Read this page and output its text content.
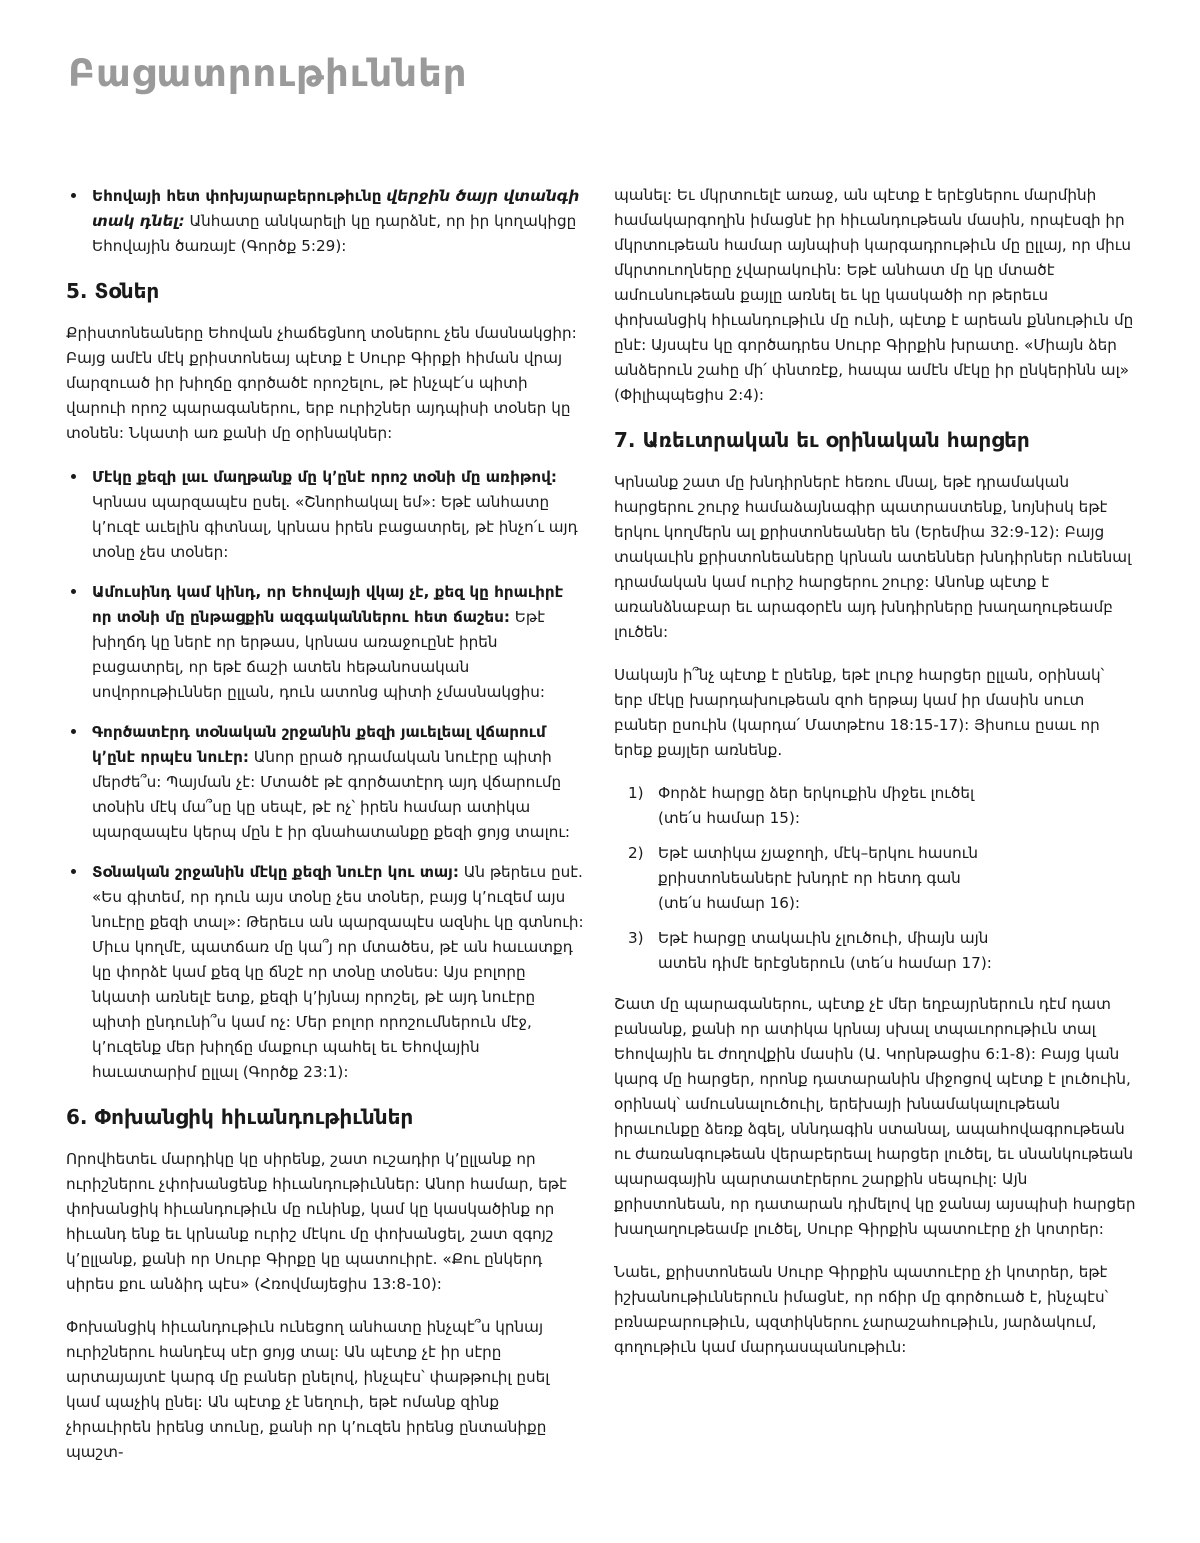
Բացատրութիւններ
• Եհովայի հետ փոխյարաբերութիւնը վերջին ծայր վտանգի տակ դնել: Անհատը անկարելի կը դարձնէ, որ իր կողակիցը Եհովային ծառայէ (Գործք 5:29):
5. Տօներ

Քրիստոնեաները Եհովան չհաճեցնող տօներու չեն մասնակցիր: Բայց ամէն մէկ քրիստոնեայ պէտք է Սուրբ Գիրքի հիման վրայ մարզուած իր խիղճը գործածէ որոշելու, թէ ինչպէ՛ս պիտի վարուի որոշ պարագաներու, երբ ուրիշներ այդպիսի տօներ կը տօնեն: Նկատի առ քանի մը օրինակներ:

• Մէկը քեզի լաւ մաղթանք մը կ՚ընէ որոշ տօնի մը առիթով: Կրնաս պարզապէս ըսել. «Շնորհակալ եմ»: Եթէ անհատը կ՚ուզէ աւելին գիտնալ, կրնաս իրեն բացատրել, թէ ինչո՛ւ այդ տօնը չես տօներ:
• Ամուսինդ կամ կինդ, որ Եհովայի վկայ չէ, քեզ կը հրաւիրէ որ տօնի մը ընթացքին ազգականներու հետ ճաշես: Եթէ խիղճդ կը ներէ որ երթաս, կրնաս առաջուընէ իրեն բացատրել, որ եթէ ճաշի ատեն հեթանոսական սովորութիւններ ըլլան, դուն ատոնց պիտի չմասնակցիս:
• Գործատէրդ տօնական շրջանին քեզի յաւելեալ վճարում կ՚ընէ որպէս նուէր: Անոր ըրած դրամական նուէրը պիտի մերժե՞ս: Պայման չէ: Մտածէ թէ գործատէրդ այդ վճարումը տօնին մէկ մա՞սը կը սեպէ, թէ ոչ՝ իրեն համար ատիկա պարզապէս կերպ մըն է իր գնահատանքը քեզի ցոյց տալու:
• Տօնական շրջանին մէկը քեզի նուէր կու տայ: Ան թերեւս ըսէ. «Ես գիտեմ, որ դուն այս տօնը չես տօներ, բայց կ՚ուզեմ այս նուէրը քեզի տալ»: Թերեւս ան պարզապէս ազնիւ կը գտնուի: Միւս կողմէ, պատճառ մը կա՞յ որ մտածես, թէ ան հաւատքդ կը փորձէ կամ քեզ կը ճնշէ որ տօնը տօնես: Այս բոլորը նկատի առնելէ ետք, քեզի կ՚իյնայ որոշել, թէ այդ նուէրը պիտի ընդունի՞ս կամ ոչ: Մեր բոլոր որոշումներուն մէջ, կ՚ուզենք մեր խիղճը մաքուր պահել եւ Եհովային հաւատարիմ ըլլալ (Գործք 23:1):
6. Փոխանցիկ հիւանդութիւններ

Որովհետեւ մարդիկը կը սիրենք, շատ ուշադիր կ՚ըլլանք որ ուրիշներու չփոխանցենք հիւանդութիւններ: Անոր համար, եթէ փոխանցիկ հիւանդութիւն մը ունինք, կամ կը կասկածինք որ հիւանդ ենք եւ կրնանք ուրիշ մէկու մը փոխանցել, շատ զգոյշ կ՚ըլլանք, քանի որ Սուրբ Գիրքը կը պատուիրէ. «Քու ընկերդ սիրես քու անձիդ պէս» (Հռովմայեցիս 13:8-10):

Փոխանցիկ հիւանդութիւն ունեցող անհատը ինչպէ՞ս կրնայ ուրիշներու հանդէպ սէր ցոյց տալ: Ան պէտք չէ իր սէրը արտայայտէ կարգ մը բաներ ընելով, ինչպէս՝ փաթթուիլ ըսել կամ պաչիկ ընել: Ան պէտք չէ նեղուի, եթէ ոմանք զինք չհրաւիրեն իրենց տունը, քանի որ կ՚ուզեն իրենց ընտանիքը պաշտ-

պանել: Եւ մկրտուելէ առաջ, ան պէտք է երէցներու մարմինի համակարգողին իմացնէ իր հիւանդութեան մասին, որպէսզի իր մկրտութեան համար այնպիսի կարգադրութիւն մը ըլլայ, որ միւս մկրտուողները չվարակուին: Եթէ անհատ մը կը մտածէ ամուսնութեան քայլը առնել եւ կը կասկածի որ թերեւս փոխանցիկ հիւանդութիւն մը ունի, պէտք է արեան քննութիւն մը ընէ: Այսպէս կը գործադրես Սուրբ Գիրքին խրատը. «Միայն ձեր անձերուն շահը մի՛ փնտռէք, հապա ամէն մէկը իր ընկերինն ալ» (Փիլիպպեցիս 2:4):

7. Առեւտրական եւ օրինական հարցեր

Կրնանք շատ մը խնդիրներէ հեռու մնալ, եթէ դրամական հարցերու շուրջ համաձայնագիր պատրաստենք, նոյնիսկ եթէ երկու կողմերն ալ քրիստոնեաներ են (Երեմիա 32:9-12): Բայց տակաւին քրիստոնեաները կրնան ատեններ խնդիրներ ունենալ դրամական կամ ուրիշ հարցերու շուրջ: Անոնք պէտք է առանձնաբար եւ արագօրէն այդ խնդիրները խաղաղութեամբ լուծեն:

Սակայն ի՞նչ պէտք է ընենք, եթէ լուրջ հարցեր ըլլան, օրինակ՝ երբ մէկը խարդախութեան զոհ երթայ կամ իր մասին սուտ բաներ ըսուին (կարդա՛ Մատթէոս 18:15-17): Յիսուս ըսաւ որ երեք քայլեր առնենք.

1) Փորձէ հարցը ձեր երկուքին միջեւ լուծել (տե՛ս համար 15):
2) Եթէ ատիկա չյաջողի, մէկ–երկու հասուն քրիստոնեաներէ խնդրէ որ հետդ գան (տե՛ս համար 16):
3) Եթէ հարցը տակաւին չլուծուի, միայն այն ատեն դիմէ երէցներուն (տե՛ս համար 17):

Շատ մը պարագաներու, պէտք չէ մեր եղբայրներուն դէմ դատ բանանք, քանի որ ատիկա կրնայ սխալ տպաւորութիւն տալ Եհովային եւ ժողովքին մասին (Ա. Կորնթացիս 6:1-8): Բայց կան կարգ մը հարցեր, որոնք դատարանին միջոցով պէտք է լուծուին, օրինակ՝ ամուսնալուծուիլ, երեխայի խնամակալութեան իրաւունքը ձեռք ձգել, սննդագին ստանալ, ապահովագրութեան ու ժառանգութեան վերաբերեալ հարցեր լուծել, եւ սնանկութեան պարագային պարտատէրերու շարքին սեպուիլ: Այն քրիստոնեան, որ դատարան դիմելով կը ջանայ այսպիսի հարցեր խաղաղութեամբ լուծել, Սուրբ Գիրքին պատուէրը չի կոտրեր:

Նաեւ, քրիստոնեան Սուրբ Գիրքին պատուէրը չի կոտրեր, եթէ իշխանութիւններուն իմացնէ, որ ոճիր մը գործուած է, ինչպէս՝ բռնաբարութիւն, պզտիկներու չարաշահութիւն, յարձակում, գողութիւն կամ մարդասպանութիւն:
